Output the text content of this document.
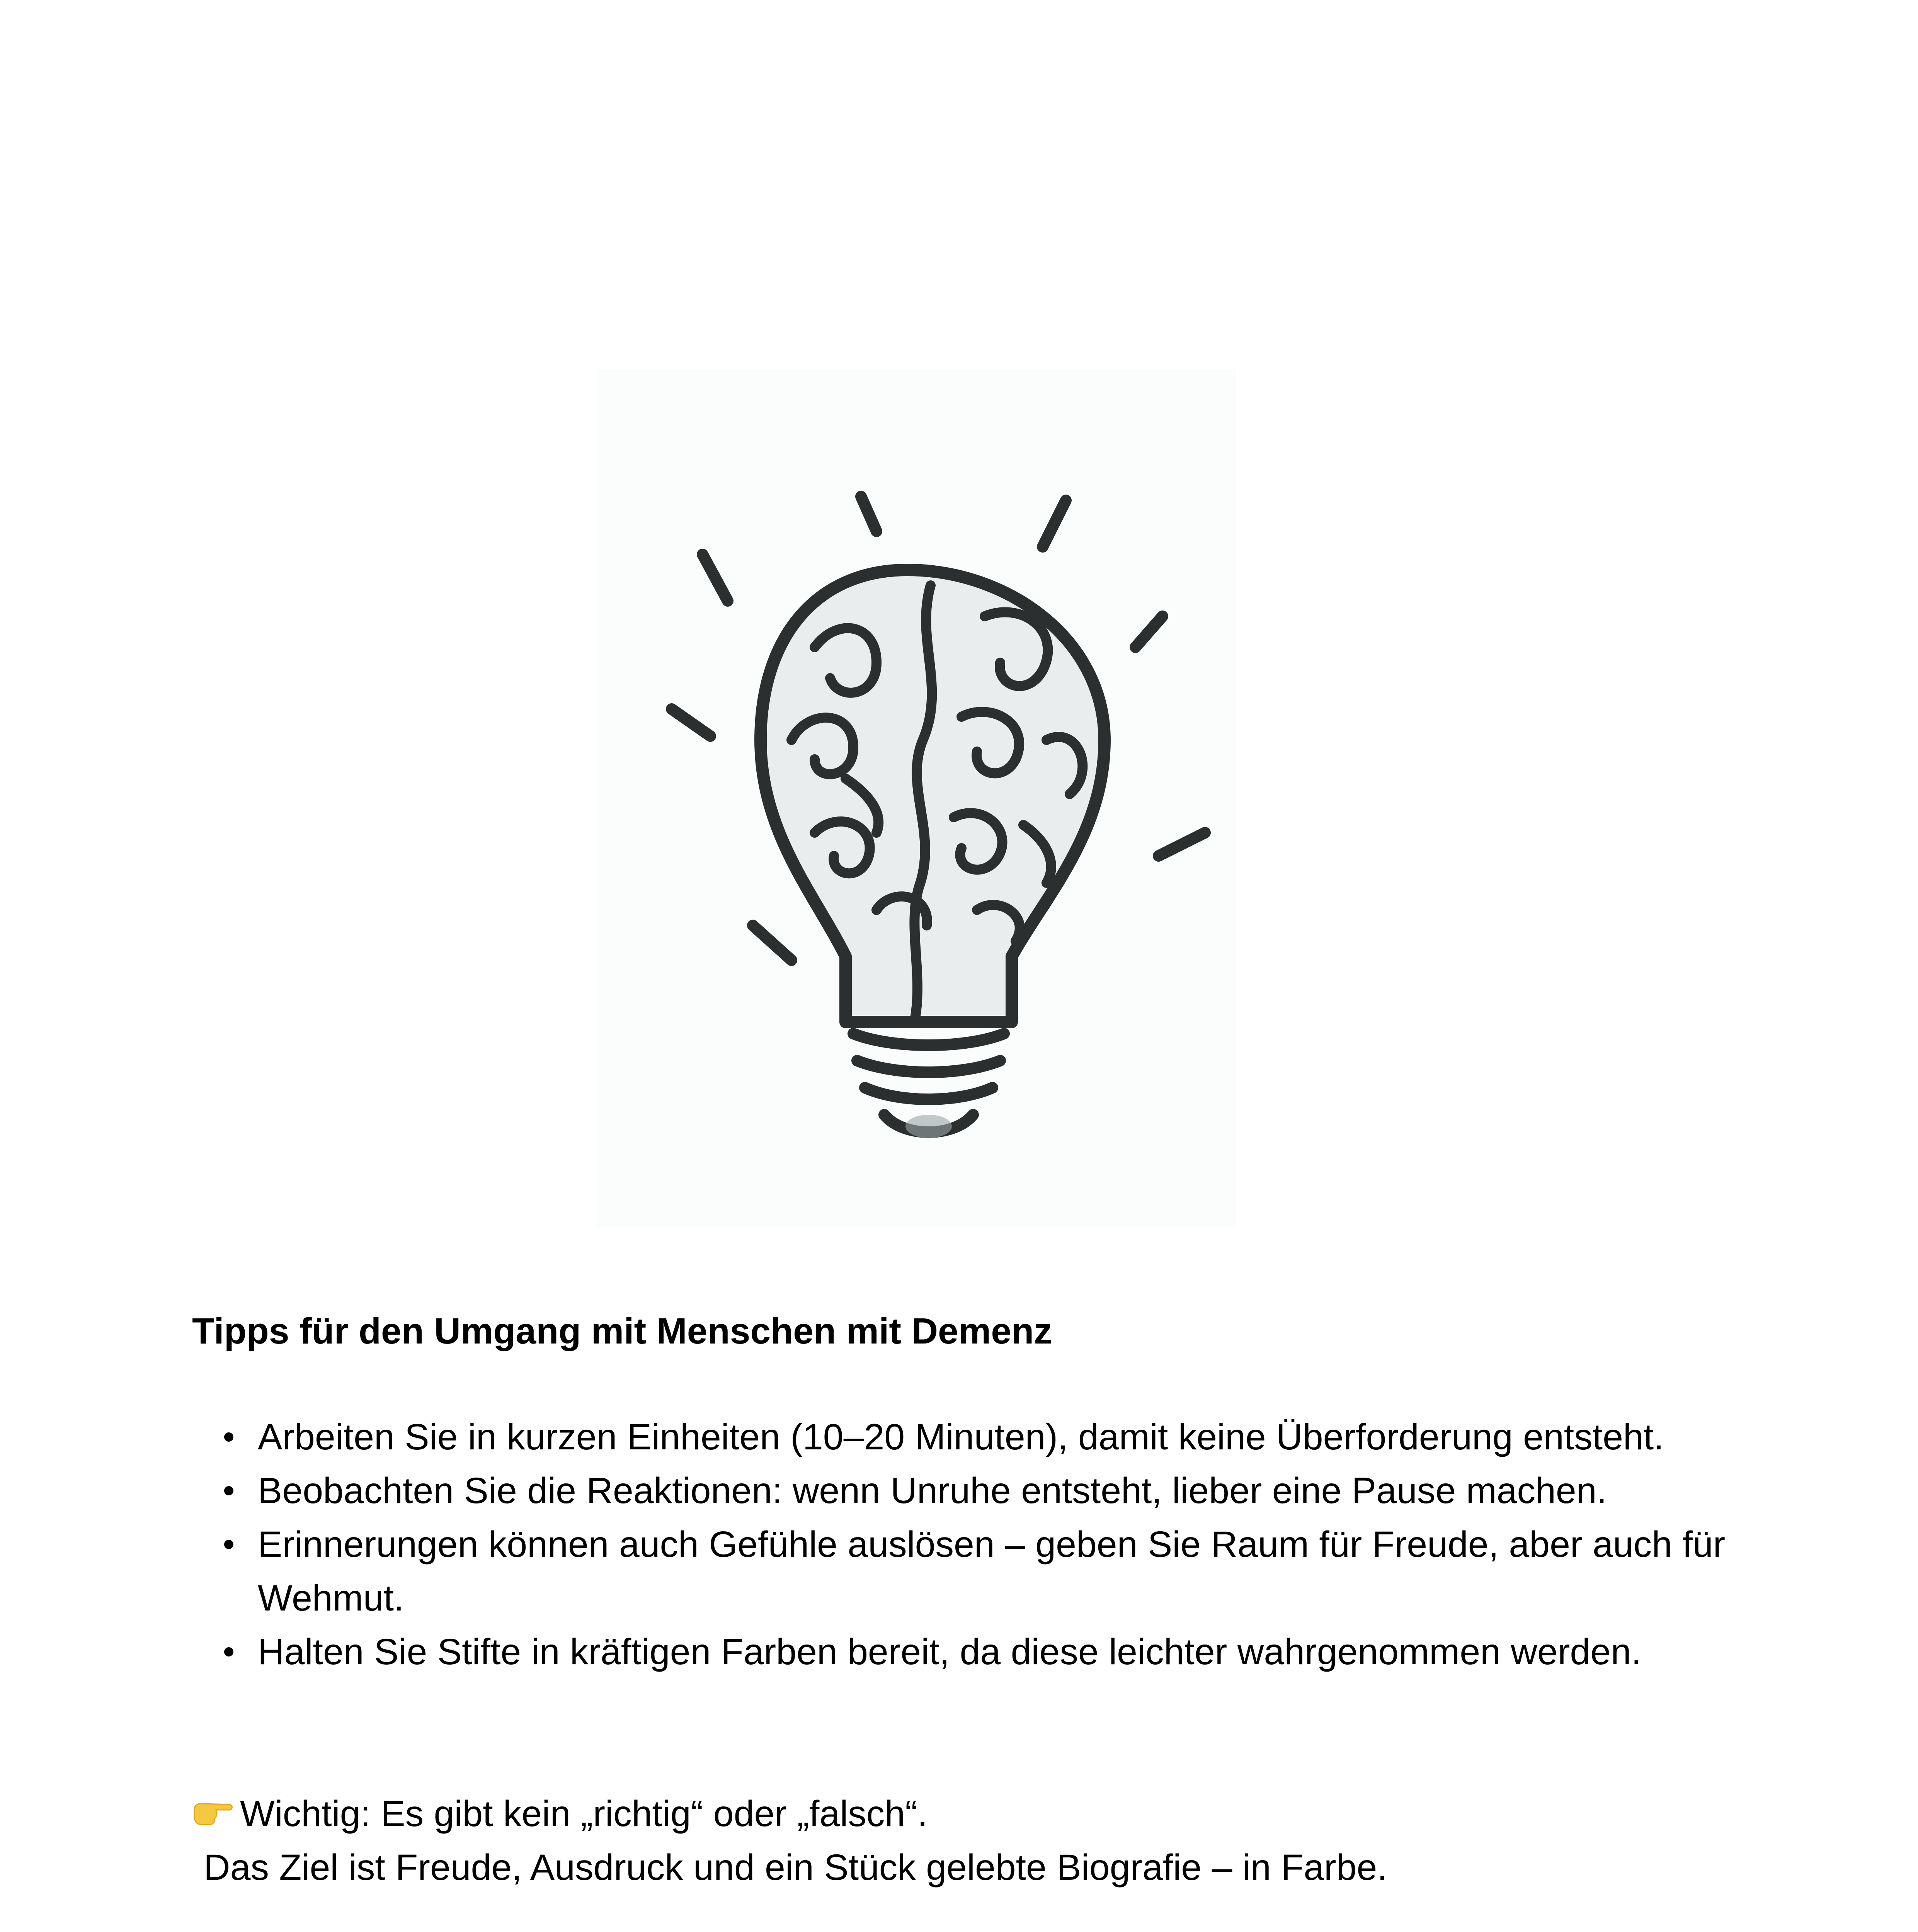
Tipps für den Umgang mit Menschen mit Demenz
Arbeiten Sie in kurzen Einheiten (10–20 Minuten), damit keine Überforderung entsteht.
Beobachten Sie die Reaktionen: wenn Unruhe entsteht, lieber eine Pause machen.
Erinnerungen können auch Gefühle auslösen – geben Sie Raum für Freude, aber auch für Wehmut.
Halten Sie Stifte in kräftigen Farben bereit, da diese leichter wahrgenommen werden.
Wichtig: Es gibt kein „richtig“ oder „falsch“.
Das Ziel ist Freude, Ausdruck und ein Stück gelebte Biografie – in Farbe.
